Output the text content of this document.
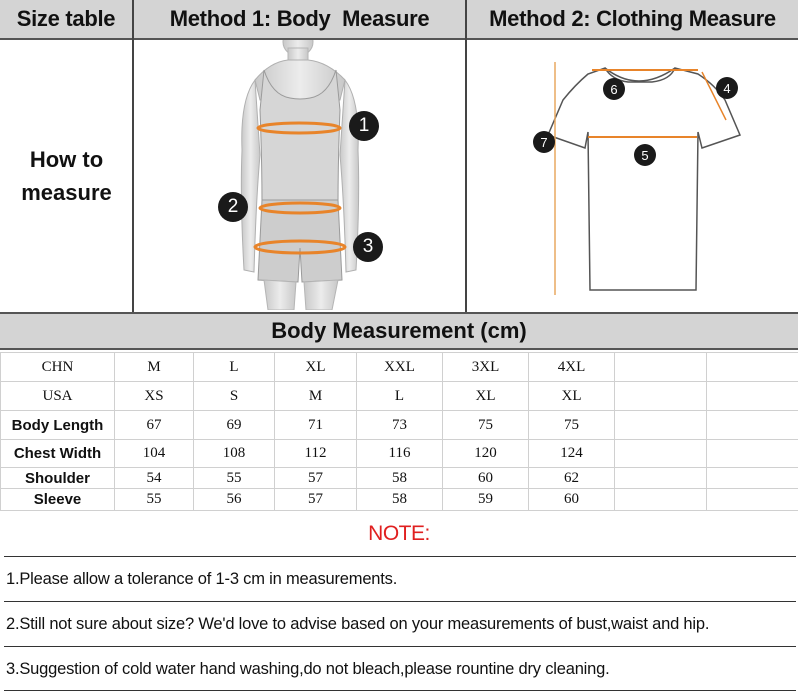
Size table Method 1: Body  Measure	Method 2: Clothing Measure
How to
measure
1
2
3
6	4
7
5
Body Measurement (cm)
CHN	M	L	XL	XXL	3XL	4XL		
USA	XS	S	M	L	XL	XL		
Body Length	67	69	71	73	75	75		
Chest Width	104	108	112	116	120	124		
Shoulder	54	55	57	58	60	62		
Sleeve	55	56	57	58	59	60		
NOTE:
1.Please allow a tolerance of 1-3 cm in measurements.
2.Still not sure about size? We'd love to advise based on your measurements of bust,waist and hip.
3.Suggestion of cold water hand washing,do not bleach,please rountine dry cleaning.
